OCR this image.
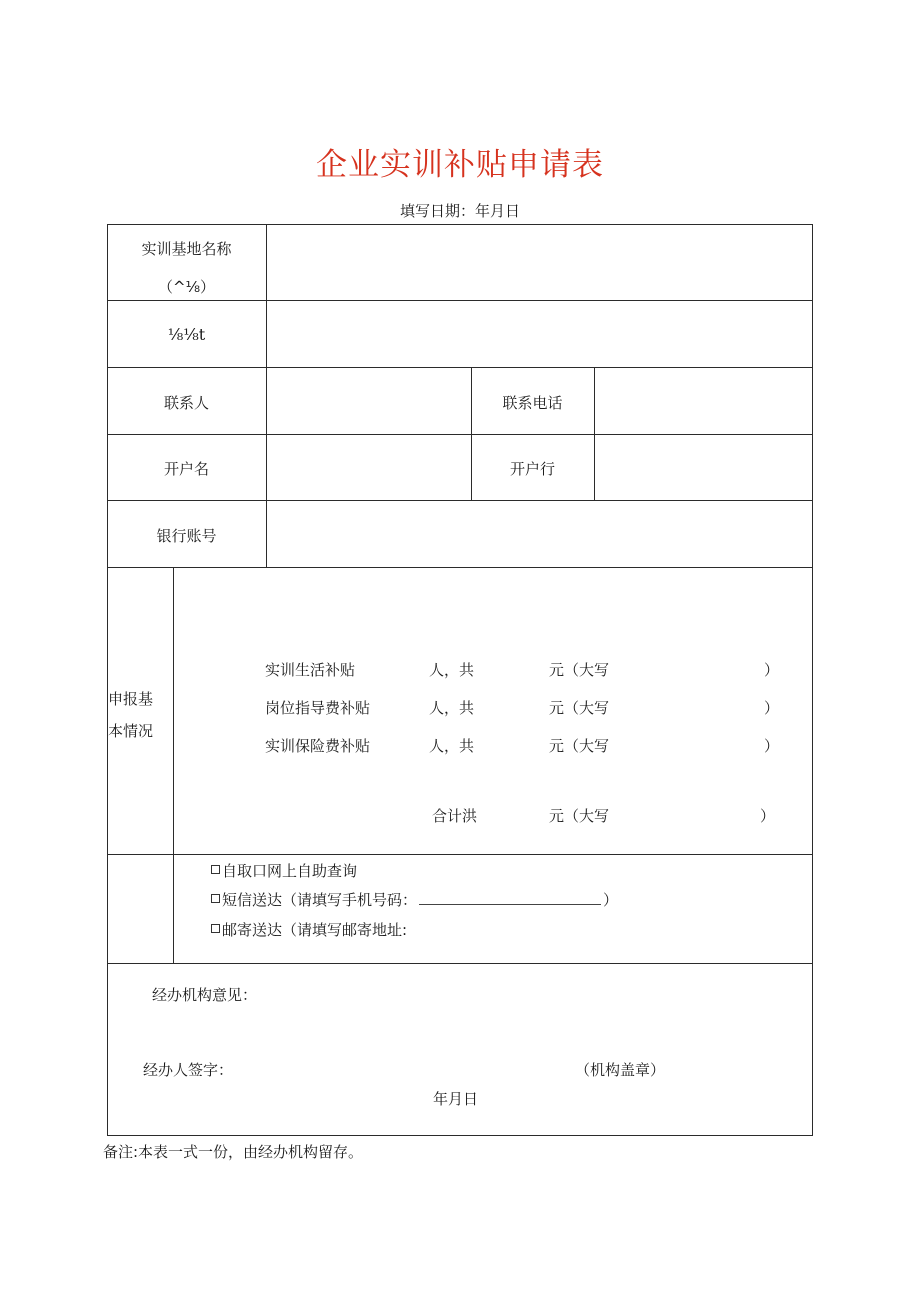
企业实训补贴申请表
填写日期：年月日
实训基地名称
（^⅛）
⅛⅛t
联系人	联系电话
开户名	开户行
银行账号
申报基
本情况
实训生活补贴	人，共	元（大写	）
岗位指导费补贴	人，共	元（大写	）
实训保险费补贴	人，共	元（大写	）
合计洪	元（大写	）
自取口网上自助查询
短信送达（请填写手机号码：	）
邮寄送达（请填写邮寄地址:
经办机构意见：
经办人签字：	（机构盖章）
年月日
备注:本表一式一份，由经办机构留存。
